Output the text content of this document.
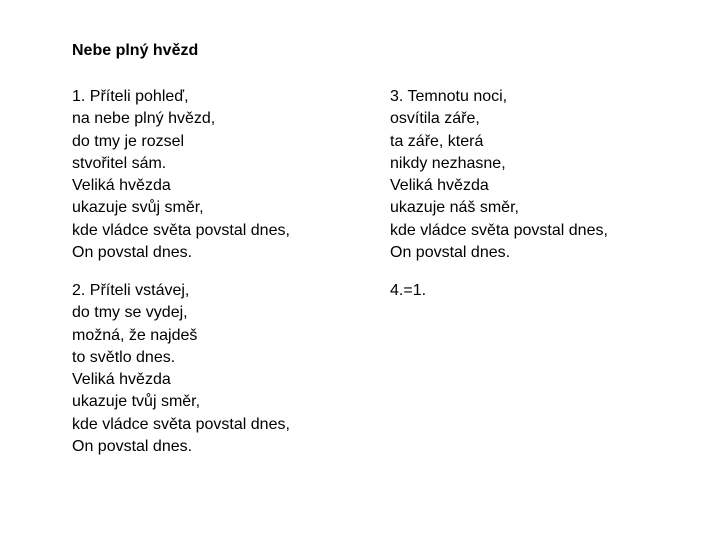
Nebe plný hvězd
1. Příteli pohleď,
na nebe plný hvězd,
do tmy je rozsel
stvořitel sám.
Veliká hvězda
ukazuje svůj směr,
kde vládce světa povstal dnes,
On povstal dnes.
3. Temnotu noci,
osvítila záře,
ta záře, která
nikdy nezhasne,
Veliká hvězda
ukazuje náš směr,
kde vládce světa povstal dnes,
On povstal dnes.
2. Příteli vstávej,
do tmy se vydej,
možná, že najdeš
to světlo dnes.
Veliká hvězda
ukazuje tvůj směr,
kde vládce světa povstal dnes,
On povstal dnes.
4.=1.
